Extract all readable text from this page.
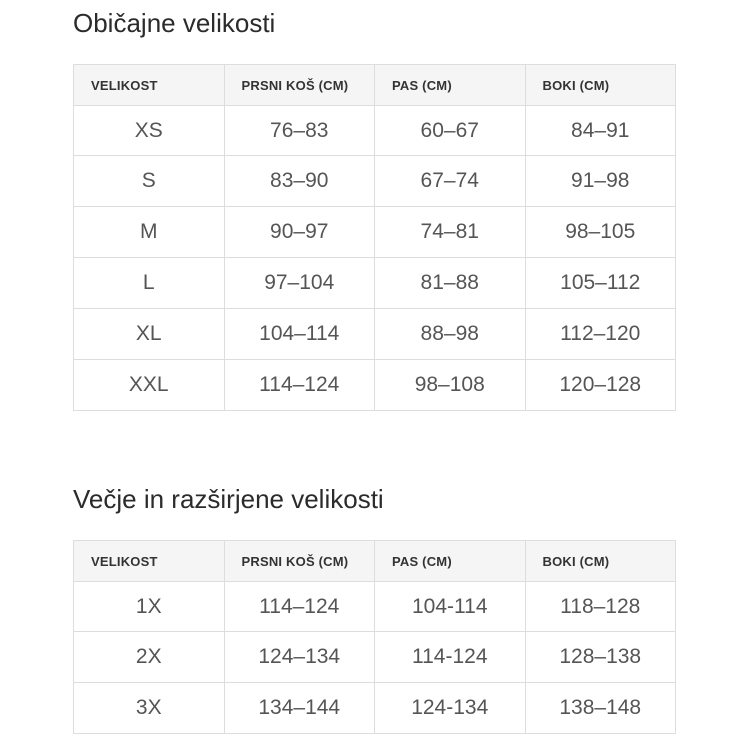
Običajne velikosti
VELIKOST	PRSNI KOŠ (CM)	PAS (CM)	BOKI (CM)
XS	76–83	60–67	84–91
S	83–90	67–74	91–98
M	90–97	74–81	98–105
L	97–104	81–88	105–112
XL	104–114	88–98	112–120
XXL	114–124	98–108	120–128
Večje in razširjene velikosti
VELIKOST	PRSNI KOŠ (CM)	PAS (CM)	BOKI (CM)
1X	114–124	104-114	118–128
2X	124–134	114-124	128–138
3X	134–144	124-134	138–148
